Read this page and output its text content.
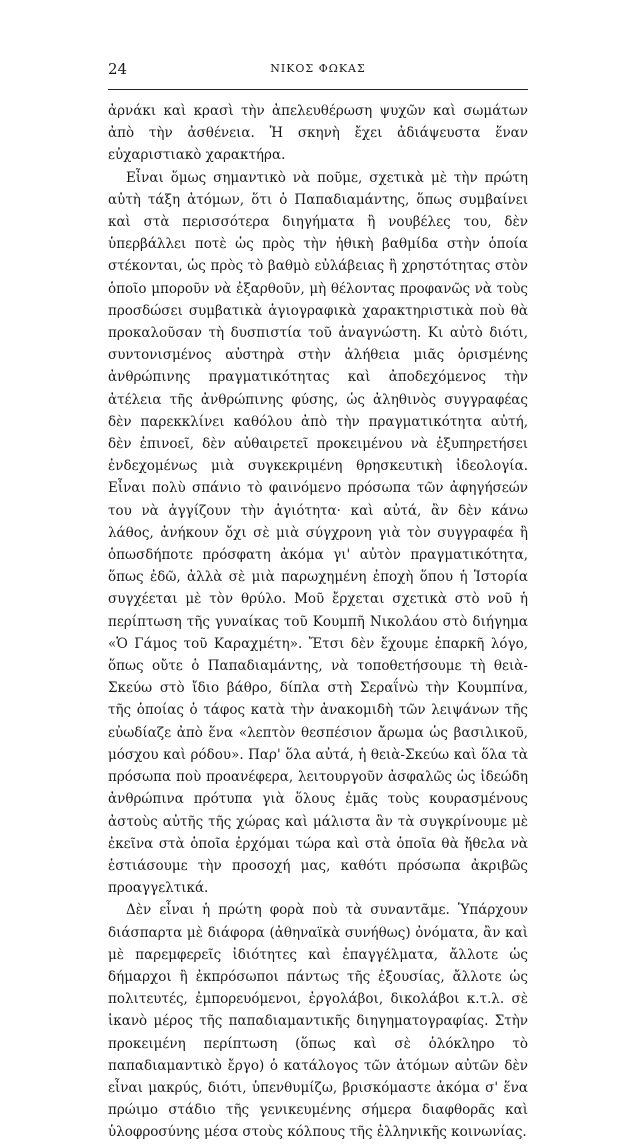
24	ΝΙΚΟΣ ΦΩΚΑΣ

ἀρνάκι καὶ κρασὶ τὴν ἀπελευθέρωση ψυχῶν καὶ σωμάτων ἀπὸ τὴν ἀσθένεια. Ἡ σκηνὴ ἔχει ἀδιάψευστα ἕναν εὐχαριστιακὸ χαρακτήρα.

Εἶναι ὅμως σημαντικὸ νὰ ποῦμε, σχετικὰ μὲ τὴν πρώτη αὐτὴ τάξη ἀτόμων, ὅτι ὁ Παπαδιαμάντης, ὅπως συμβαίνει καὶ στὰ περισσότερα διηγήματα ἢ νουβέλες του, δὲν ὑπερβάλλει ποτὲ ὡς πρὸς τὴν ἠθικὴ βαθμίδα στὴν ὁποία στέκονται, ὡς πρὸς τὸ βαθμὸ εὐλάβειας ἢ χρηστότητας στὸν ὁποῖο μποροῦν νὰ ἐξαρθοῦν, μὴ θέλοντας προφανῶς νὰ τοὺς προσδώσει συμβατικὰ ἁγιογραφικὰ χαρακτηριστικὰ ποὺ θὰ προκαλοῦσαν τὴ δυσπιστία τοῦ ἀναγνώστη. Κι αὐτὸ διότι, συντονισμένος αὐστηρὰ στὴν ἀλήθεια μιᾶς ὁρισμένης ἀνθρώπινης πραγματικότητας καὶ ἀποδεχόμενος τὴν ἀτέλεια τῆς ἀνθρώπινης φύσης, ὡς ἀληθινὸς συγγραφέας δὲν παρεκκλίνει καθόλου ἀπὸ τὴν πραγματικότητα αὐτή, δὲν ἐπινοεῖ, δὲν αὐθαιρετεῖ προκειμένου νὰ ἐξυπηρετήσει ἐνδεχομένως μιὰ συγκεκριμένη θρησκευτικὴ ἰδεολογία. Εἶναι πολὺ σπάνιο τὸ φαινόμενο πρόσωπα τῶν ἀφηγήσεών του νὰ ἀγγίζουν τὴν ἁγιότητα· καὶ αὐτά, ἂν δὲν κάνω λάθος, ἀνήκουν ὄχι σὲ μιὰ σύγχρονη γιὰ τὸν συγγραφέα ἢ ὁπωσδήποτε πρόσφατη ἀκόμα γι' αὐτὸν πραγματικότητα, ὅπως ἐδῶ, ἀλλὰ σὲ μιὰ παρωχημένη ἐποχὴ ὅπου ἡ Ἱστορία συγχέεται μὲ τὸν θρύλο. Μοῦ ἔρχεται σχετικὰ στὸ νοῦ ἡ περίπτωση τῆς γυναίκας τοῦ Κουμπῆ Νικολάου στὸ διήγημα «Ὁ Γάμος τοῦ Καραχμέτη». Ἔτσι δὲν ἔχουμε ἐπαρκῆ λόγο, ὅπως οὔτε ὁ Παπαδιαμάντης, νὰ τοποθετήσουμε τὴ θειὰ-Σκεύω στὸ ἴδιο βάθρο, δίπλα στὴ Σεραΐνὼ τὴν Κουμπίνα, τῆς ὁποίας ὁ τάφος κατὰ τὴν ἀνακομιδὴ τῶν λειψάνων τῆς εὐωδίαζε ἀπὸ ἕνα «λεπτὸν θεσπέσιον ἄρωμα ὡς βασιλικοῦ, μόσχου καὶ ρόδου». Παρ' ὅλα αὐτά, ἡ θειὰ-Σκεύω καὶ ὅλα τὰ πρόσωπα ποὺ προανέφερα, λειτουργοῦν ἀσφαλῶς ὡς ἰδεώδη ἀνθρώπινα πρότυπα γιὰ ὅλους ἐμᾶς τοὺς κουρασμένους ἀστοὺς αὐτῆς τῆς χώρας καὶ μάλιστα ἂν τὰ συγκρίνουμε μὲ ἐκεῖνα στὰ ὁποῖα ἐρχόμαι τώρα καὶ στὰ ὁποῖα θὰ ἤθελα νὰ ἑστιάσουμε τὴν προσοχή μας, καθότι πρόσωπα ἀκριβῶς προαγγελτικά.

Δὲν εἶναι ἡ πρώτη φορὰ ποὺ τὰ συναντᾶμε. Ὑπάρχουν διάσπαρτα μὲ διάφορα (ἀθηναϊκὰ συνήθως) ὀνόματα, ἂν καὶ μὲ παρεμφερεῖς ἰδιότητες καὶ ἐπαγγέλματα, ἄλλοτε ὡς δήμαρχοι ἢ ἐκπρόσωποι πάντως τῆς ἐξουσίας, ἄλλοτε ὡς πολιτευτές, ἐμπορευόμενοι, ἐργολάβοι, δικολάβοι κ.τ.λ. σὲ ἱκανὸ μέρος τῆς παπαδιαμαντικῆς διηγηματογραφίας. Στὴν προκειμένη περίπτωση (ὅπως καὶ σὲ ὁλόκληρο τὸ παπαδιαμαντικὸ ἔργο) ὁ κατάλογος τῶν ἀτόμων αὐτῶν δὲν εἶναι μακρύς, διότι, ὑπενθυμίζω, βρισκόμαστε ἀκόμα σ' ἕνα πρώιμο στάδιο τῆς γενικευμένης σήμερα διαφθορᾶς καὶ ὑλοφροσύνης μέσα στοὺς κόλπους τῆς ἑλληνικῆς κοινωνίας.
